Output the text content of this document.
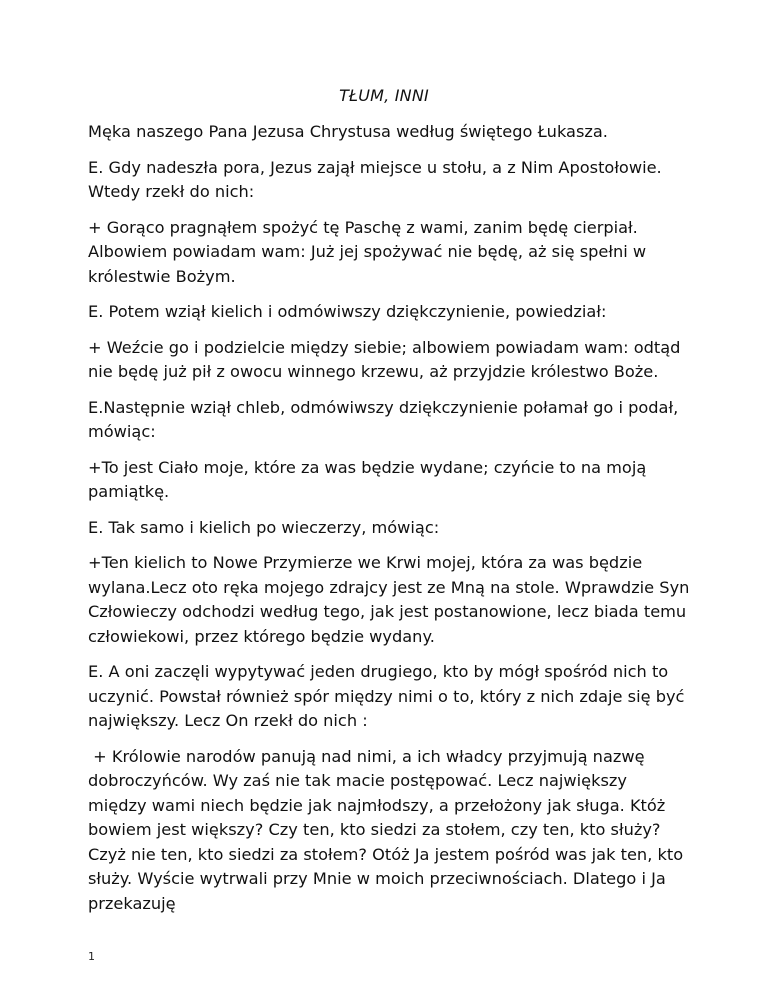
TŁUM, INNI

Męka naszego Pana Jezusa Chrystusa według świętego Łukasza.

E. Gdy nadeszła pora, Jezus zajął miejsce u stołu, a z Nim Apostołowie. Wtedy rzekł do nich:

+ Gorąco pragnąłem spożyć tę Paschę z wami, zanim będę cierpiał. Albowiem powiadam wam: Już jej spożywać nie będę, aż się spełni w królestwie Bożym.

E. Potem wziął kielich i odmówiwszy dziękczynienie, powiedział:

+ Weźcie go i podzielcie między siebie; albowiem powiadam wam: odtąd nie będę już pił z owocu winnego krzewu, aż przyjdzie królestwo Boże.

E.Następnie wziął chleb, odmówiwszy dziękczynienie połamał go i podał, mówiąc:

+To jest Ciało moje, które za was będzie wydane; czyńcie to na moją pamiątkę.

E. Tak samo i kielich po wieczerzy, mówiąc:

+Ten kielich to Nowe Przymierze we Krwi mojej, która za was będzie wylana.Lecz oto ręka mojego zdrajcy jest ze Mną na stole. Wprawdzie Syn Człowieczy odchodzi według tego, jak jest postanowione, lecz biada temu człowiekowi, przez którego będzie wydany.

E. A oni zaczęli wypytywać jeden drugiego, kto by mógł spośród nich to uczynić. Powstał również spór między nimi o to, który z nich zdaje się być największy. Lecz On rzekł do nich :

+ Królowie narodów panują nad nimi, a ich władcy przyjmują nazwę dobroczyńców. Wy zaś nie tak macie postępować. Lecz największy między wami niech będzie jak najmłodszy, a przełożony jak sługa. Któż bowiem jest większy? Czy ten, kto siedzi za stołem, czy ten, kto służy? Czyż nie ten, kto siedzi za stołem? Otóż Ja jestem pośród was jak ten, kto służy. Wyście wytrwali przy Mnie w moich przeciwnościach. Dlatego i Ja przekazuję

1
